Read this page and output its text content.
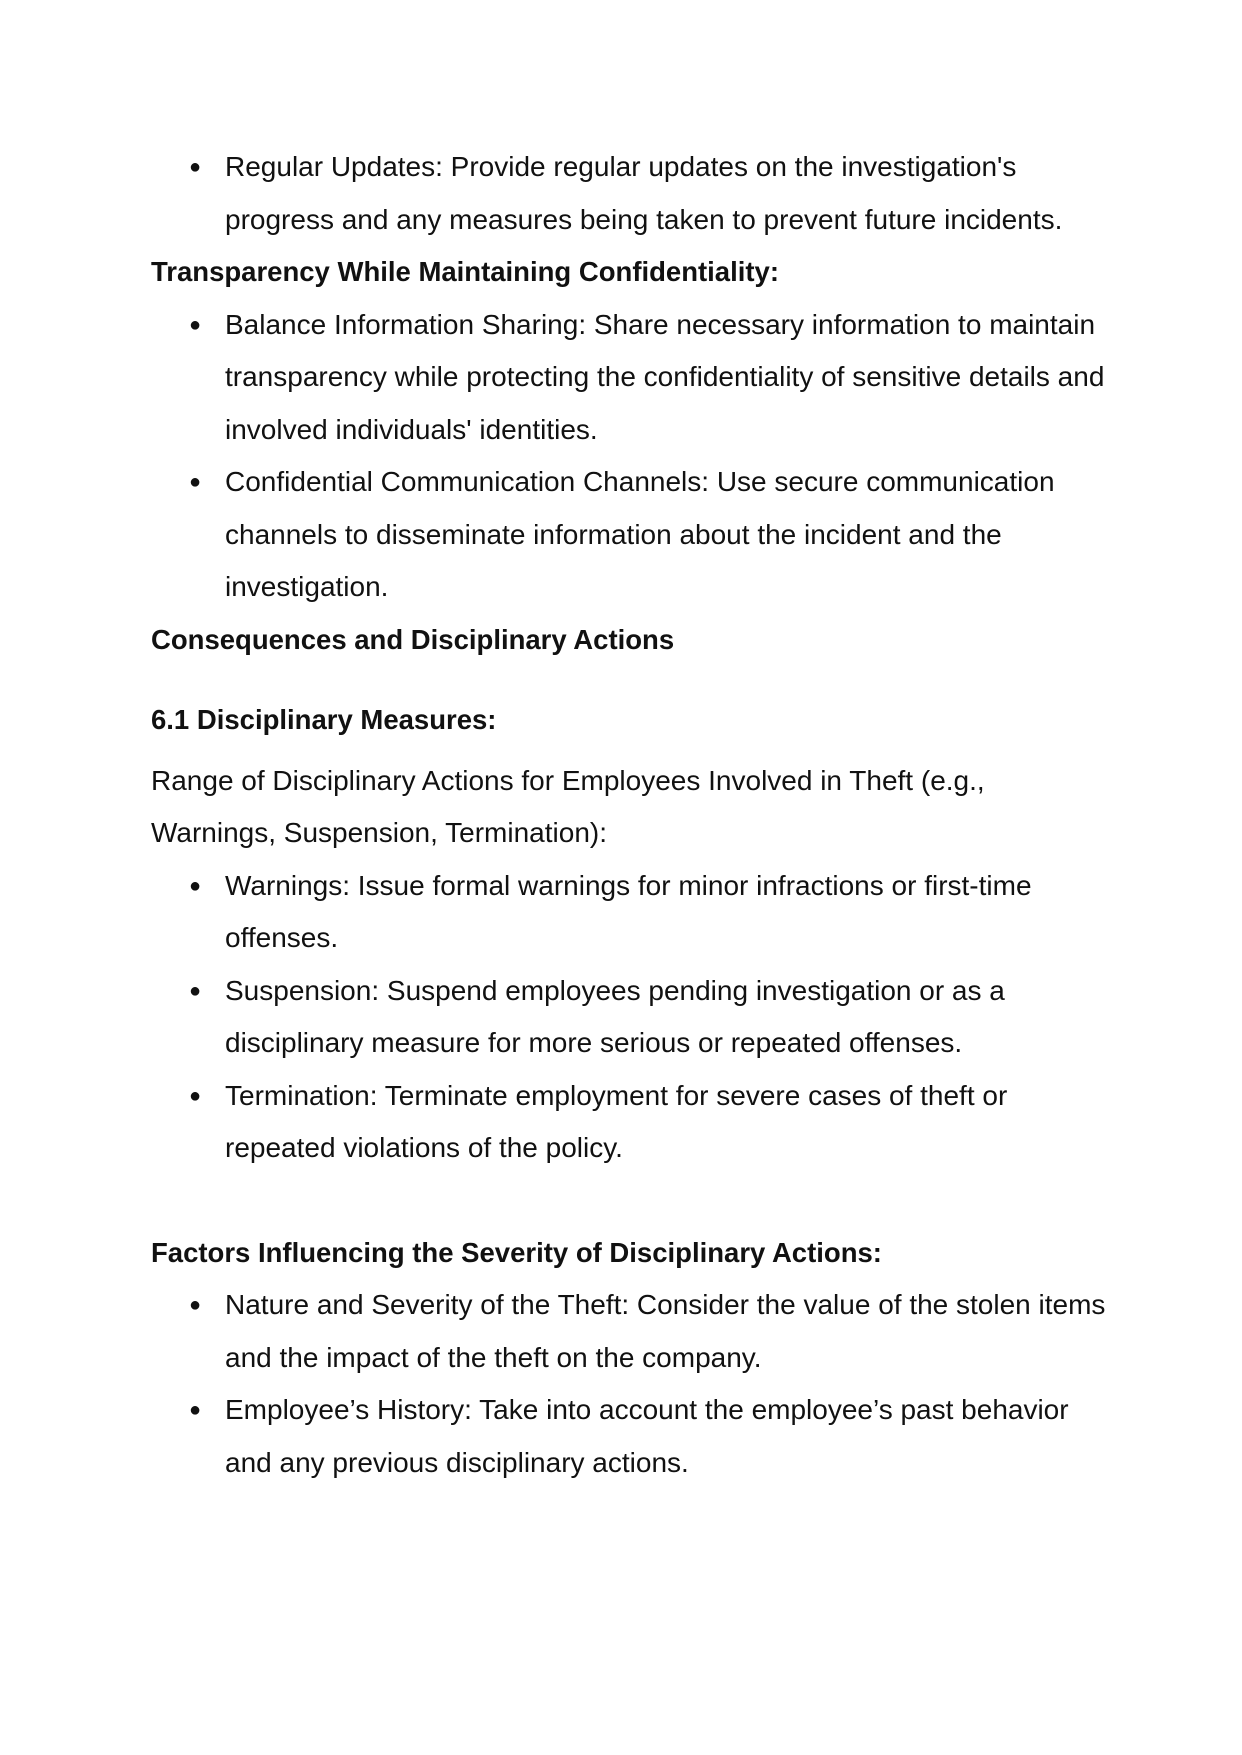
● Regular Updates: Provide regular updates on the investigation's progress and any measures being taken to prevent future incidents.
Transparency While Maintaining Confidentiality:
● Balance Information Sharing: Share necessary information to maintain transparency while protecting the confidentiality of sensitive details and involved individuals' identities.
● Confidential Communication Channels: Use secure communication channels to disseminate information about the incident and the investigation.
Consequences and Disciplinary Actions
6.1 Disciplinary Measures:

Range of Disciplinary Actions for Employees Involved in Theft (e.g., Warnings, Suspension, Termination):

● Warnings: Issue formal warnings for minor infractions or first-time offenses.
● Suspension: Suspend employees pending investigation or as a disciplinary measure for more serious or repeated offenses.
● Termination: Terminate employment for severe cases of theft or repeated violations of the policy.
Factors Influencing the Severity of Disciplinary Actions:
● Nature and Severity of the Theft: Consider the value of the stolen items and the impact of the theft on the company.
● Employee’s History: Take into account the employee’s past behavior and any previous disciplinary actions.
